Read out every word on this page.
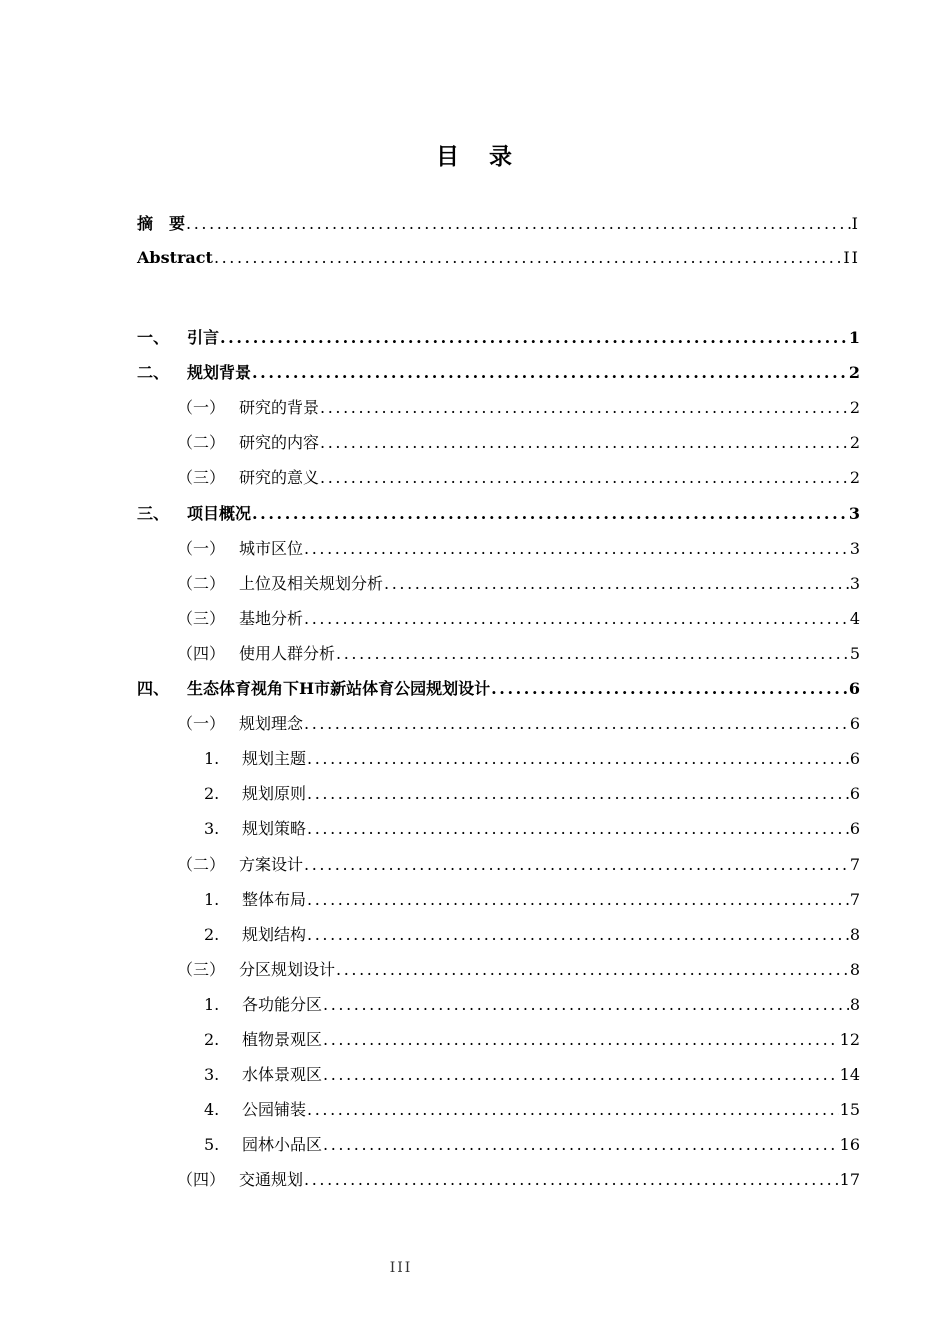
目 录
摘　要 .....	I
Abstract .....	II
一、	引言 .....	1
二、	规划背景 .....	2
（一） 研究的背景 .....	2
（二） 研究的内容 .....	2
（三） 研究的意义 .....	2
三、	项目概况 .....	3
（一） 城市区位 .....	3
（二） 上位及相关规划分析 .....	3
（三） 基地分析 .....	4
（四） 使用人群分析 .....	5
四、	生态体育视角下H市新站体育公园规划设计 .....	6
（一） 规划理念 .....	6
1.	规划主题 .....	6
2.	规划原则 .....	6
3.	规划策略 .....	6
（二） 方案设计 .....	7
1.	整体布局 .....	7
2.	规划结构 .....	8
（三） 分区规划设计 .....	8
1.	各功能分区 .....	8
2.	植物景观区 .....	12
3.	水体景观区 .....	14
4.	公园铺装 .....	15
5.	园林小品区 .....	16
（四） 交通规划 .....	17
III
